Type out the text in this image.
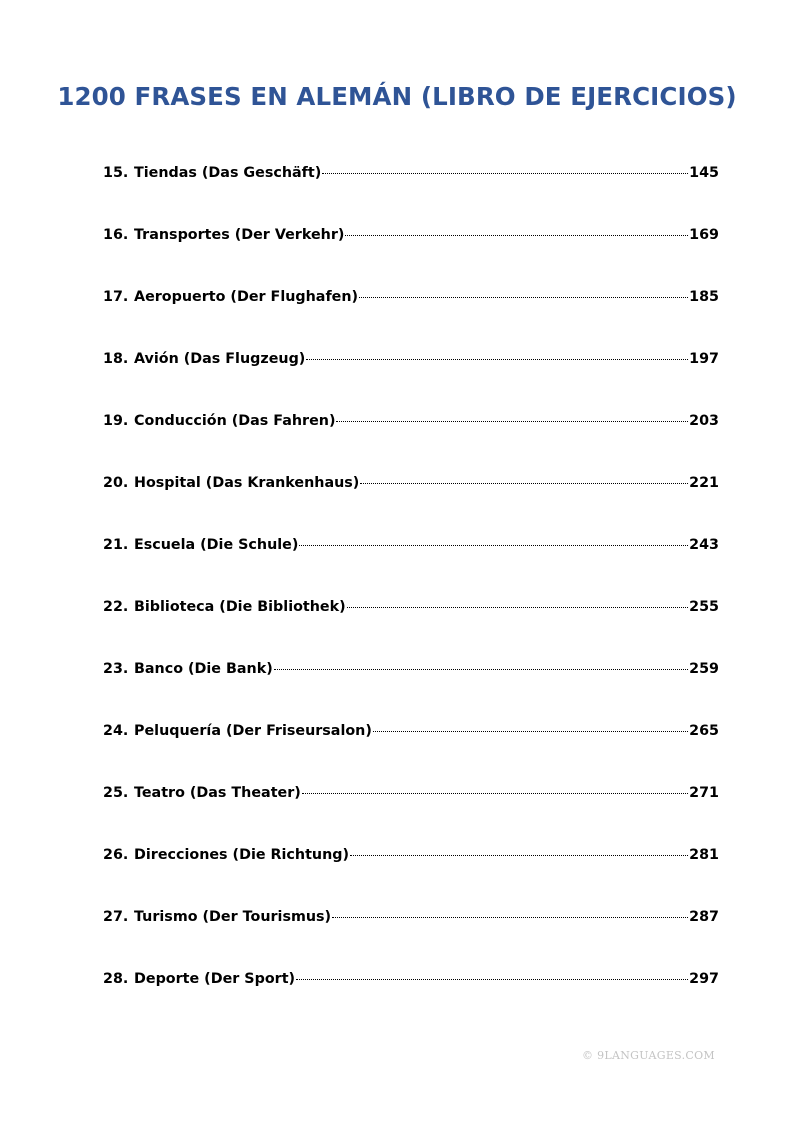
1200 FRASES EN ALEMÁN (LIBRO DE EJERCICIOS)
15. Tiendas (Das Geschäft)	145
16. Transportes (Der Verkehr)	169
17. Aeropuerto (Der Flughafen)	185
18. Avión (Das Flugzeug)	197
19. Conducción (Das Fahren)	203
20. Hospital (Das Krankenhaus)	221
21. Escuela (Die Schule)	243
22. Biblioteca (Die Bibliothek)	255
23. Banco (Die Bank)	259
24. Peluquería (Der Friseursalon)	265
25. Teatro (Das Theater)	271
26. Direcciones (Die Richtung)	281
27. Turismo (Der Tourismus)	287
28. Deporte (Der Sport)	297
© 9LANGUAGES.COM
